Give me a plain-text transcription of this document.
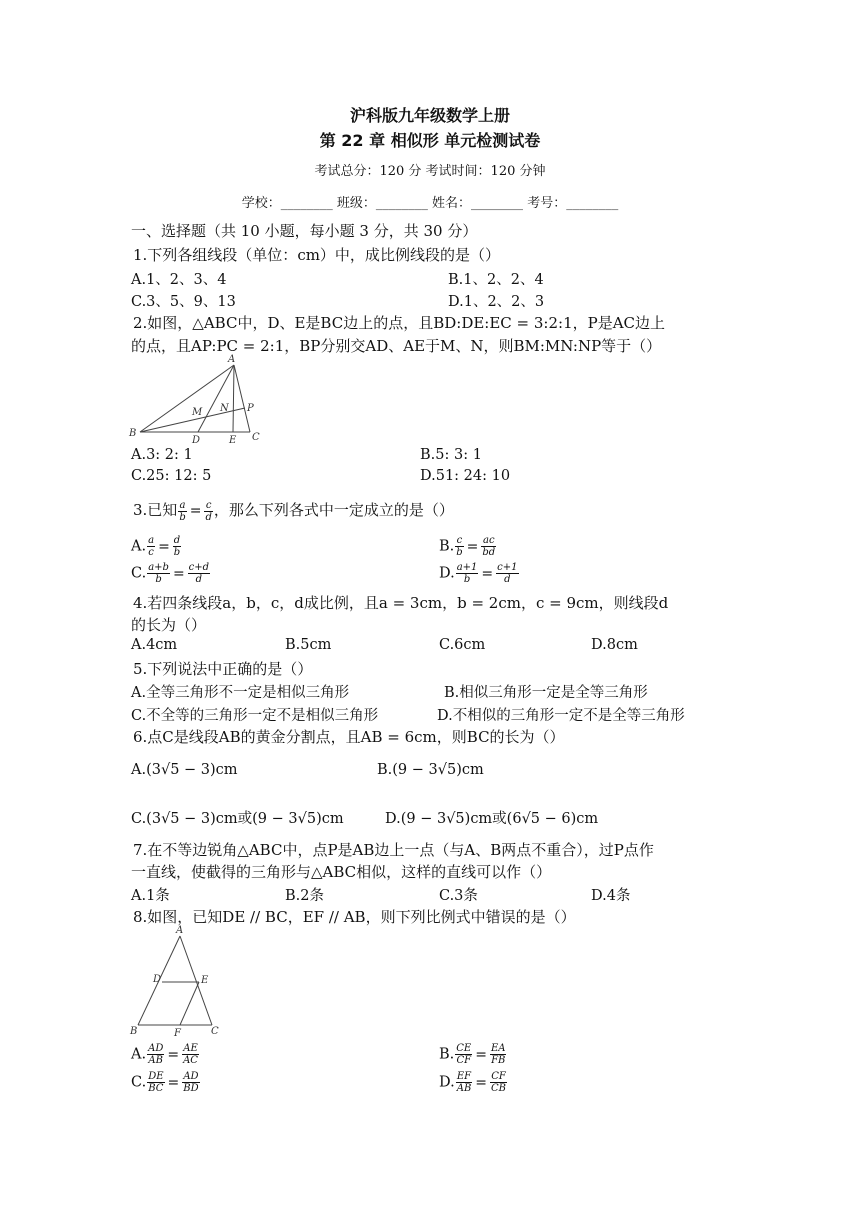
沪科版九年级数学上册
第 22 章 相似形 单元检测试卷
考试总分：120 分 考试时间：120 分钟
学校：________ 班级：________ 姓名：________ 考号：________
一、选择题（共 10 小题，每小题 3 分，共 30 分）
1.下列各组线段（单位：cm）中，成比例线段的是（）
A.1、2、3、4	B.1、2、2、4
C.3、5、9、13	D.1、2、2、3
2.如图，△ABC中，D、E是BC边上的点，且BD:DE:EC = 3:2:1，P是AC边上
的点，且AP:PC = 2:1，BP分别交AD、AE于M、N，则BM:MN:NP等于（）
A
B	C
D	E
M N P
A.3: 2: 1	B.5: 3: 1
C.25: 12: 5	D.51: 24: 10
3.已知 $\frac{a}{b} = \frac{c}{d}$ ，那么下列各式中一定成立的是（）
A. $\frac{a}{c} = \frac{d}{b}$	B. $\frac{c}{b} = \frac{ac}{bd}$
C. $\frac{a+b}{b} = \frac{c+d}{d}$	D. $\frac{a+1}{b} = \frac{c+1}{d}$
4.若四条线段a，b，c，d成比例，且a = 3cm，b = 2cm，c = 9cm，则线段d
的长为（）
A.4cm	B.5cm	C.6cm	D.8cm
5.下列说法中正确的是（）
A.全等三角形不一定是相似三角形	B.相似三角形一定是全等三角形
C.不全等的三角形一定不是相似三角形	D.不相似的三角形一定不是全等三角形
6.点C是线段AB的黄金分割点，且AB = 6cm，则BC的长为（）
A.(3√5 − 3)cm	B.(9 − 3√5)cm
C.(3√5 − 3)cm或(9 − 3√5)cm	D.(9 − 3√5)cm或(6√5 − 6)cm
7.在不等边锐角△ABC中，点P是AB边上一点（与A、B两点不重合），过P点作
一直线，使截得的三角形与△ABC相似，这样的直线可以作（）
A.1条	B.2条	C.3条	D.4条
8.如图，已知DE // BC，EF // AB，则下列比例式中错误的是（）
A
B	C
D	E
F
A. $\frac{AD}{AB} = \frac{AE}{AC}$	B. $\frac{CE}{CF} = \frac{EA}{FB}$
C. $\frac{DE}{BC} = \frac{AD}{BD}$	D. $\frac{EF}{AB} = \frac{CF}{CB}$
